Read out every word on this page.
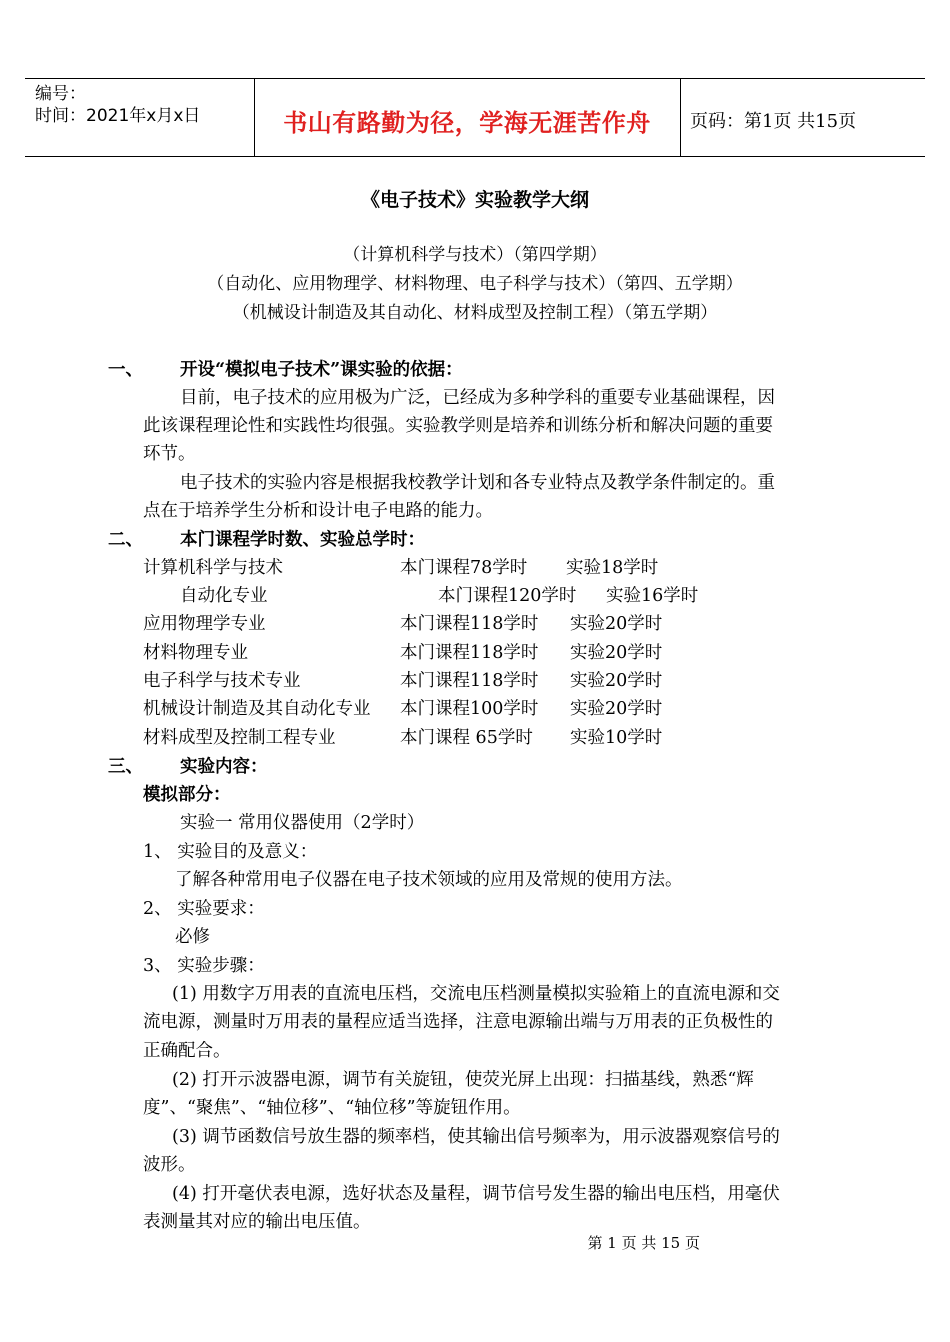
编号：
时间：2021年x月x日	书山有路勤为径，学海无涯苦作舟	页码：第1页 共15页
《电子技术》实验教学大纲
（计算机科学与技术）（第四学期）
（自动化、应用物理学、材料物理、电子科学与技术）（第四、五学期）
（机械设计制造及其自动化、材料成型及控制工程）（第五学期）
一、 开设“模拟电子技术”课实验的依据：
目前，电子技术的应用极为广泛，已经成为多种学科的重要专业基础课程，因
此该课程理论性和实践性均很强。实验教学则是培养和训练分析和解决问题的重要
环节。
电子技术的实验内容是根据我校教学计划和各专业特点及教学条件制定的。重
点在于培养学生分析和设计电子电路的能力。
二、 本门课程学时数、实验总学时：
计算机科学与技术	本门课程78学时 实验18学时
自动化专业	本门课程120学时 实验16学时
应用物理学专业	本门课程118学时 实验20学时
材料物理专业	本门课程118学时 实验20学时
电子科学与技术专业	本门课程118学时 实验20学时
机械设计制造及其自动化专业 本门课程100学时 实验20学时
材料成型及控制工程专业	本门课程 65学时 实验10学时
三、 实验内容：
模拟部分：
实验一 常用仪器使用（2学时）
1、 实验目的及意义：
了解各种常用电子仪器在电子技术领域的应用及常规的使用方法。
2、 实验要求：
必修
3、 实验步骤：
(1) 用数字万用表的直流电压档，交流电压档测量模拟实验箱上的直流电源和交
流电源，测量时万用表的量程应适当选择，注意电源输出端与万用表的正负极性的
正确配合。
(2) 打开示波器电源，调节有关旋钮，使荧光屏上出现：扫描基线，熟悉“辉
度”、“聚焦”、“轴位移”、“轴位移”等旋钮作用。
(3) 调节函数信号放生器的频率档，使其输出信号频率为，用示波器观察信号的
波形。
(4) 打开毫伏表电源，选好状态及量程，调节信号发生器的输出电压档，用毫伏
表测量其对应的输出电压值。
第 1 页 共 15 页
